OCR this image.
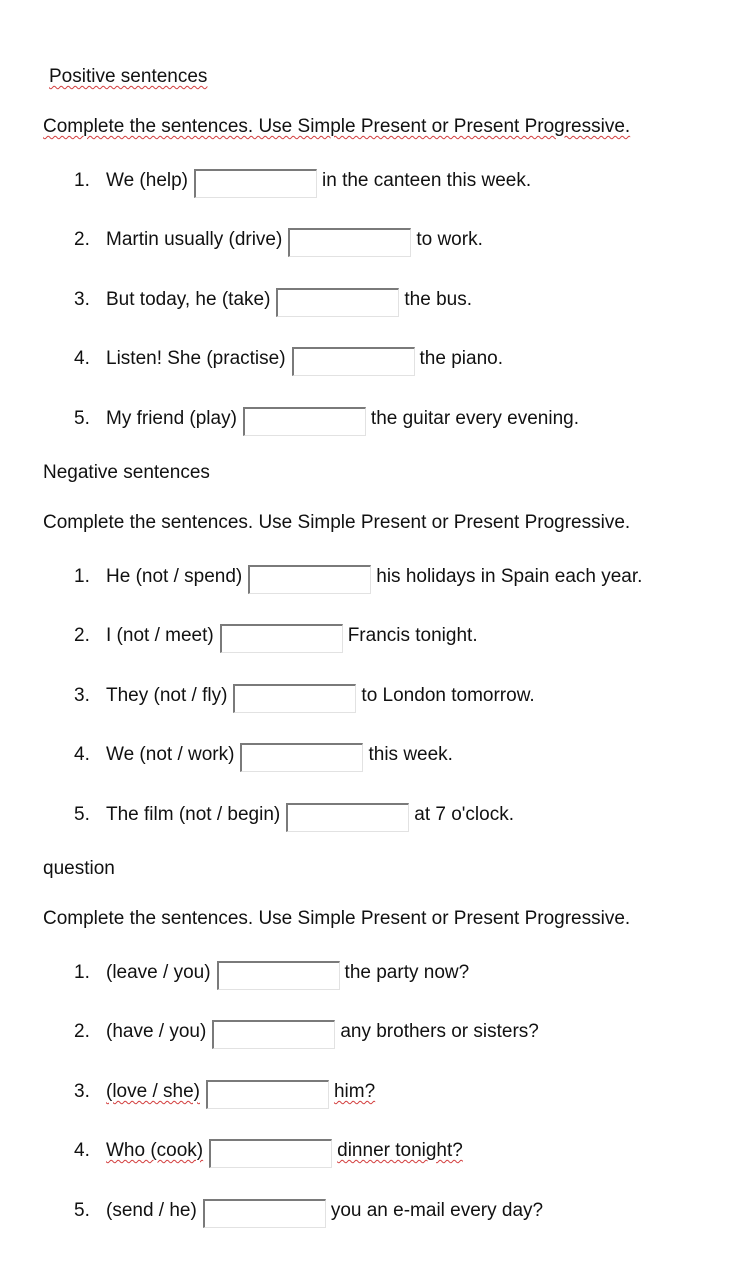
Positive sentences
Complete the sentences. Use Simple Present or Present Progressive.
1. We (help)	in the canteen this week.
2. Martin usually (drive)	to work.
3. But today, he (take)	the bus.
4. Listen! She (practise)	the piano.
5. My friend (play)	the guitar every evening.
Negative sentences
Complete the sentences. Use Simple Present or Present Progressive.
1. He (not / spend)	his holidays in Spain each year.
2. I (not / meet)	Francis tonight.
3. They (not / fly)	to London tomorrow.
4. We (not / work)	this week.
5. The film (not / begin)	at 7 o'clock.
question
Complete the sentences. Use Simple Present or Present Progressive.
1. (leave / you)	the party now?
2. (have / you)	any brothers or sisters?
3. (love / she)	him?
4. Who (cook)	dinner tonight?
5. (send / he)	you an e-mail every day?
